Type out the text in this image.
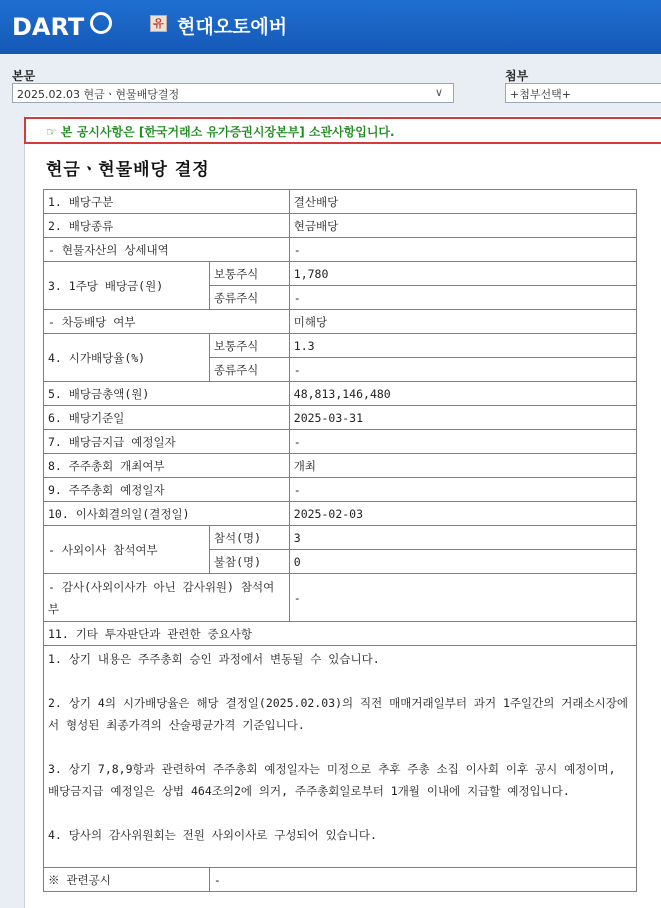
DART	유 현대오토에버
본문
2025.02.03 현금ㆍ현물배당결정	∨
첨부
+첨부선택+
☞ 본 공시사항은 [한국거래소 유가증권시장본부] 소관사항입니다.
현금ㆍ현물배당 결정
1. 배당구분		결산배당
2. 배당종류		현금배당
- 현물자산의 상세내역		-
3. 1주당 배당금(원)	보통주식	1,780
	종류주식	-
- 차등배당 여부		미해당
4. 시가배당율(%)	보통주식	1.3
	종류주식	-
5. 배당금총액(원)		48,813,146,480
6. 배당기준일		2025-03-31
7. 배당금지급 예정일자		-
8. 주주총회 개최여부		개최
9. 주주총회 예정일자		-
10. 이사회결의일(결정일)		2025-02-03
- 사외이사 참석여부	참석(명)	3
	불참(명)	0
- 감사(사외이사가 아닌 감사위원) 참석여부		-
11. 기타 투자판단과 관련한 중요사항		

1. 상기 내용은 주주총회 승인 과정에서 변동될 수 있습니다.

2. 상기 4의 시가배당율은 해당 결정일(2025.02.03)의 직전 매매거래일부터 과거 1주일간의 거래소시장에서 형성된 최종가격의 산술평균가격 기준입니다.

3. 상기 7,8,9항과 관련하여 주주총회 예정일자는 미정으로 추후 주총 소집 이사회 이후 공시 예정이며, 배당금지급 예정일은 상법 464조의2에 의거, 주주총회일로부터 1개월 이내에 지급할 예정입니다.

4. 당사의 감사위원회는 전원 사외이사로 구성되어 있습니다.		

※ 관련공시	-	
